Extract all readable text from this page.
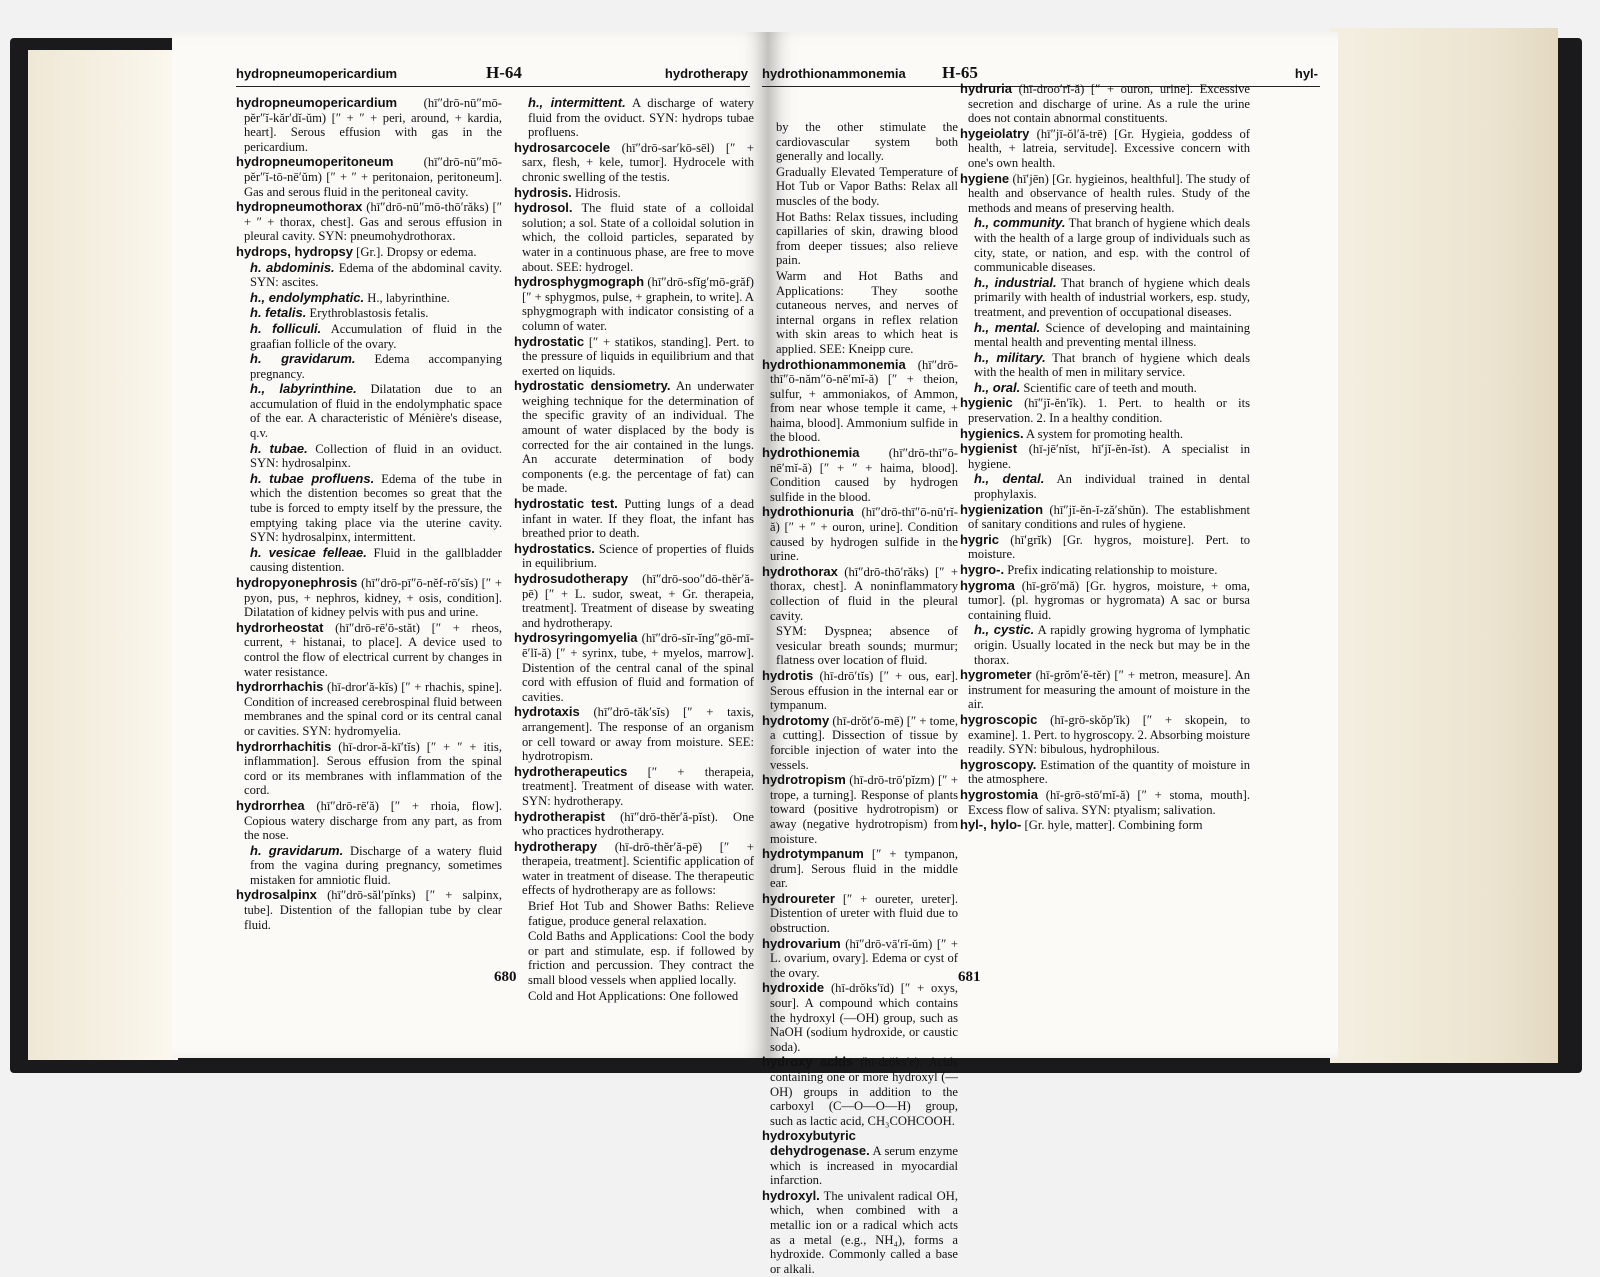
hydropneumopericardium	H-64	hydrotherapy
hydropneumopericardium (hī″drō-nū″mō-pĕr″ĭ-kăr′dĭ-ŭm) [″ + ″ + peri, around, + kardia, heart]. Serous effusion with gas in the pericardium.
hydropneumoperitoneum (hī″drō-nū″mō-pĕr″ĭ-tō-nē′ŭm) [″ + ″ + peritonaion, peritoneum]. Gas and serous fluid in the peritoneal cavity.
hydropneumothorax (hī″drō-nū″mō-thō′răks) [″ + ″ + thorax, chest]. Gas and serous effusion in pleural cavity. SYN: pneumohydrothorax.
hydrops, hydropsy [Gr.]. Dropsy or edema.
h. abdominis. Edema of the abdominal cavity. SYN: ascites.
h., endolymphatic. H., labyrinthine.
h. fetalis. Erythroblastosis fetalis.
h. folliculi. Accumulation of fluid in the graafian follicle of the ovary.
h. gravidarum. Edema accompanying pregnancy.
h., labyrinthine. Dilatation due to an accumulation of fluid in the endolymphatic space of the ear. A characteristic of Ménière's disease, q.v.
h. tubae. Collection of fluid in an oviduct. SYN: hydrosalpinx.
h. tubae profluens. Edema of the tube in which the distention becomes so great that the tube is forced to empty itself by the pressure, the emptying taking place via the uterine cavity. SYN: hydrosalpinx, intermittent.
h. vesicae felleae. Fluid in the gallbladder causing distention.
hydropyonephrosis (hī″drō-pī″ō-nĕf-rō′sĭs) [″ + pyon, pus, + nephros, kidney, + osis, condition]. Dilatation of kidney pelvis with pus and urine.
hydrorheostat (hī″drō-rē′ō-stăt) [″ + rheos, current, + histanai, to place]. A device used to control the flow of electrical current by changes in water resistance.
hydrorrhachis (hī-dror′ă-kĭs) [″ + rhachis, spine]. Condition of increased cerebrospinal fluid between membranes and the spinal cord or its central canal or cavities. SYN: hydromyelia.
hydrorrhachitis (hī-dror-ă-kī′tĭs) [″ + ″ + itis, inflammation]. Serous effusion from the spinal cord or its membranes with inflammation of the cord.
hydrorrhea (hī″drō-rē′ă) [″ + rhoia, flow]. Copious watery discharge from any part, as from the nose.
h. gravidarum. Discharge of a watery fluid from the vagina during pregnancy, sometimes mistaken for amniotic fluid.
hydrosalpinx (hī″drō-săl′pĭnks) [″ + salpinx, tube]. Distention of the fallopian tube by clear fluid.
h., intermittent. A discharge of watery fluid from the oviduct. SYN: hydrops tubae profluens.
hydrosarcocele (hī″drō-sar′kō-sēl) [″ + sarx, flesh, + kele, tumor]. Hydrocele with chronic swelling of the testis.
hydrosis. Hidrosis.
hydrosol. The fluid state of a colloidal solution; a sol. State of a colloidal solution in which, the colloid particles, separated by water in a continuous phase, are free to move about. SEE: hydrogel.
hydrosphygmograph (hī″drō-sfĭg′mō-grăf) [″ + sphygmos, pulse, + graphein, to write]. A sphygmograph with indicator consisting of a column of water.
hydrostatic [″ + statikos, standing]. Pert. to the pressure of liquids in equilibrium and that exerted on liquids.
hydrostatic densiometry. An underwater weighing technique for the determination of the specific gravity of an individual. The amount of water displaced by the body is corrected for the air contained in the lungs. An accurate determination of body components (e.g. the percentage of fat) can be made.
hydrostatic test. Putting lungs of a dead infant in water. If they float, the infant has breathed prior to death.
hydrostatics. Science of properties of fluids in equilibrium.
hydrosudotherapy (hī″drō-soo″dō-thĕr′ă-pē) [″ + L. sudor, sweat, + Gr. therapeia, treatment]. Treatment of disease by sweating and hydrotherapy.
hydrosyringomyelia (hī″drō-sĭr-ĭng″gō-mī-ē′lĭ-ă) [″ + syrinx, tube, + myelos, marrow]. Distention of the central canal of the spinal cord with effusion of fluid and formation of cavities.
hydrotaxis (hī″drō-tăk′sĭs) [″ + taxis, arrangement]. The response of an organism or cell toward or away from moisture. SEE: hydrotropism.
hydrotherapeutics [″ + therapeia, treatment]. Treatment of disease with water. SYN: hydrotherapy.
hydrotherapist (hī″drō-thĕr′ă-pĭst). One who practices hydrotherapy.
hydrotherapy (hī-drō-thĕr′ă-pē) [″ + therapeia, treatment]. Scientific application of water in treatment of disease. The therapeutic effects of hydrotherapy are as follows:
Brief Hot Tub and Shower Baths: Relieve fatigue, produce general relaxation.
Cold Baths and Applications: Cool the body or part and stimulate, esp. if followed by friction and percussion. They contract the small blood vessels when applied locally.
Cold and Hot Applications: One followed
680
hydrothionammonemia H-65	hyl-
by the other stimulate the cardiovascular system both generally and locally.
Gradually Elevated Temperature of Hot Tub or Vapor Baths: Relax all muscles of the body.
Hot Baths: Relax tissues, including capillaries of skin, drawing blood from deeper tissues; also relieve pain.
Warm and Hot Baths and Applications: They soothe cutaneous nerves, and nerves of internal organs in reflex relation with skin areas to which heat is applied. SEE: Kneipp cure.
hydrothionammonemia (hī″drō-thī″ō-năm″ō-nē′mĭ-ă) [″ + theion, sulfur, + ammoniakos, of Ammon, from near whose temple it came, + haima, blood]. Ammonium sulfide in the blood.
hydrothionemia (hī″drō-thī″ō-nē′mĭ-ă) [″ + ″ + haima, blood]. Condition caused by hydrogen sulfide in the blood.
hydrothionuria (hī″drō-thī″ō-nū′rĭ-ă) [″ + ″ + ouron, urine]. Condition caused by hydrogen sulfide in the urine.
hydrothorax (hī″drō-thō′răks) [″ + thorax, chest]. A noninflammatory collection of fluid in the pleural cavity.
SYM: Dyspnea; absence of vesicular breath sounds; murmur; flatness over location of fluid.
hydrotis (hī-drō′tĭs) [″ + ous, ear]. Serous effusion in the internal ear or tympanum.
hydrotomy (hī-drŏt′ō-mē) [″ + tome, a cutting]. Dissection of tissue by forcible injection of water into the vessels.
hydrotropism (hī-drō-trō′pĭzm) [″ + trope, a turning]. Response of plants toward (positive hydrotropism) or away (negative hydrotropism) from moisture.
hydrotympanum [″ + tympanon, drum]. Serous fluid in the middle ear.
hydroureter [″ + oureter, ureter]. Distention of ureter with fluid due to obstruction.
hydrovarium (hī″drō-vā′rĭ-ŭm) [″ + L. ovarium, ovary]. Edema or cyst of the ovary.
hydroxide (hī-drŏks′īd) [″ + oxys, sour]. A compound which contains the hydroxyl (—OH) group, such as NaOH (sodium hydroxide, or caustic soda).
hydroxy acids (hī-drŏks′ē). Acids containing one or more hydroxyl (—OH) groups in addition to the carboxyl (C—O—O—H) group, such as lactic acid, CH₃COHCOOH.
hydroxybutyric dehydrogenase. A serum enzyme which is increased in myocardial infarction.
hydroxyl. The univalent radical OH, which, when combined with a metallic ion or a radical which acts as a metal (e.g., NH₄), forms a hydroxide. Commonly called a base or alkali.
hydruria (hī-droo′rĭ-ă) [″ + ouron, urine]. Excessive secretion and discharge of urine. As a rule the urine does not contain abnormal constituents.
hygeiolatry (hī″jī-ŏl′ă-trē) [Gr. Hygieia, goddess of health, + latreia, servitude]. Excessive concern with one's own health.
hygiene (hī′jēn) [Gr. hygieinos, healthful]. The study of health and observance of health rules. Study of the methods and means of preserving health.
h., community. That branch of hygiene which deals with the health of a large group of individuals such as city, state, or nation, and esp. with the control of communicable diseases.
h., industrial. That branch of hygiene which deals primarily with health of industrial workers, esp. study, treatment, and prevention of occupational diseases.
h., mental. Science of developing and maintaining mental health and preventing mental illness.
h., military. That branch of hygiene which deals with the health of men in military service.
h., oral. Scientific care of teeth and mouth.
hygienic (hī″jĭ-ĕn′ĭk). 1. Pert. to health or its preservation. 2. In a healthy condition.
hygienics. A system for promoting health.
hygienist (hī-jē′nĭst, hī′jĭ-ĕn-ĭst). A specialist in hygiene.
h., dental. An individual trained in dental prophylaxis.
hygienization (hī″jĭ-ĕn-ĭ-ză′shŭn). The establishment of sanitary conditions and rules of hygiene.
hygric (hī′grĭk) [Gr. hygros, moisture]. Pert. to moisture.
hygro-. Prefix indicating relationship to moisture.
hygroma (hī-grō′mă) [Gr. hygros, moisture, + oma, tumor]. (pl. hygromas or hygromata) A sac or bursa containing fluid.
h., cystic. A rapidly growing hygroma of lymphatic origin. Usually located in the neck but may be in the thorax.
hygrometer (hī-grŏm′ĕ-tĕr) [″ + metron, measure]. An instrument for measuring the amount of moisture in the air.
hygroscopic (hī-grō-skŏp′ĭk) [″ + skopein, to examine]. 1. Pert. to hygroscopy. 2. Absorbing moisture readily. SYN: bibulous, hydrophilous.
hygroscopy. Estimation of the quantity of moisture in the atmosphere.
hygrostomia (hī-grō-stō′mĭ-ă) [″ + stoma, mouth]. Excess flow of saliva. SYN: ptyalism; salivation.
hyl-, hylo- [Gr. hyle, matter]. Combining form
681
